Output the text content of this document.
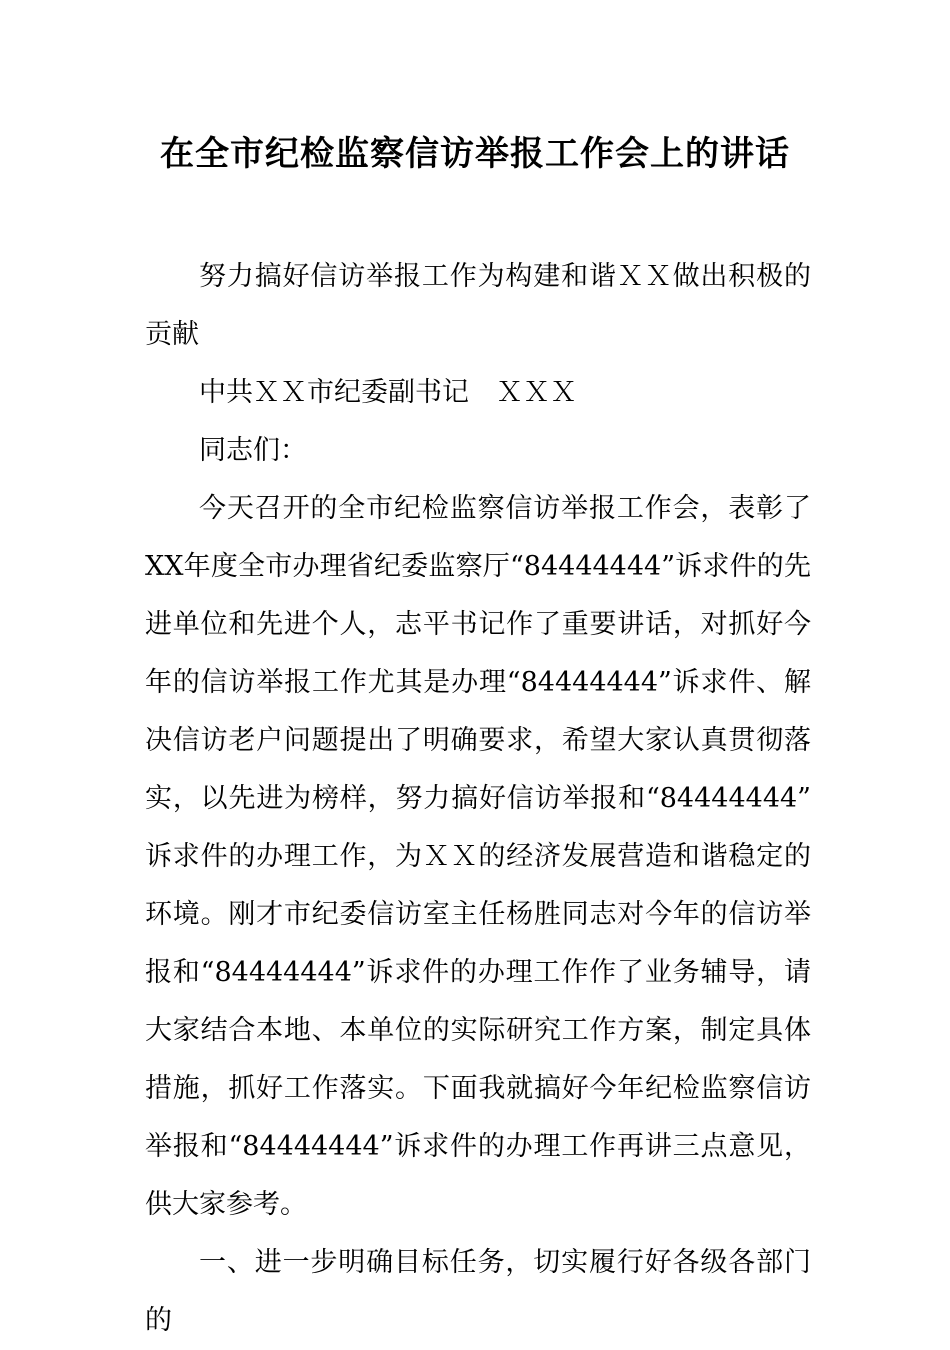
在全市纪检监察信访举报工作会上的讲话

努力搞好信访举报工作为构建和谐ＸＸ做出积极的贡献

中共ＸＸ市纪委副书记　ＸＸＸ

同志们：

今天召开的全市纪检监察信访举报工作会，表彰了XX年度全市办理省纪委监察厅“84444444”诉求件的先进单位和先进个人，志平书记作了重要讲话，对抓好今年的信访举报工作尤其是办理“84444444”诉求件、解决信访老户问题提出了明确要求，希望大家认真贯彻落实，以先进为榜样，努力搞好信访举报和“84444444”诉求件的办理工作，为ＸＸ的经济发展营造和谐稳定的环境。刚才市纪委信访室主任杨胜同志对今年的信访举报和“84444444”诉求件的办理工作作了业务辅导，请大家结合本地、本单位的实际研究工作方案，制定具体措施，抓好工作落实。下面我就搞好今年纪检监察信访举报和“84444444”诉求件的办理工作再讲三点意见，供大家参考。

一、进一步明确目标任务，切实履行好各级各部门的
